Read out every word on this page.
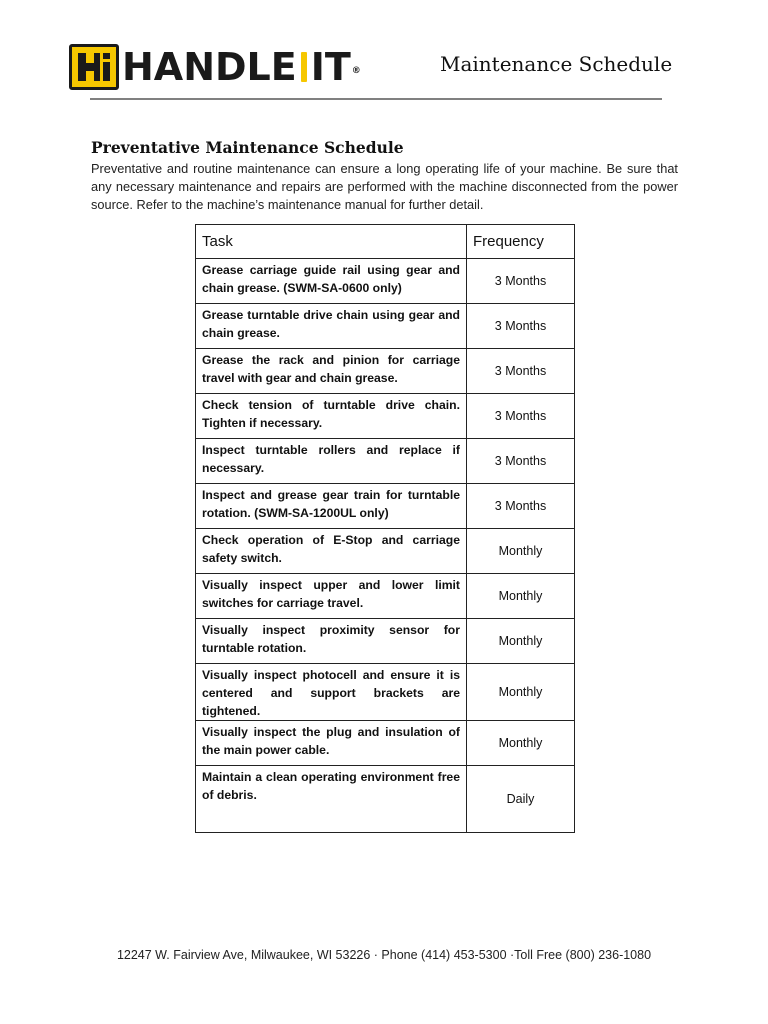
HANDLE IT ®	Maintenance Schedule
Preventative Maintenance Schedule
Preventative and routine maintenance can ensure a long operating life of your machine. Be sure that any necessary maintenance and repairs are performed with the machine disconnected from the power source. Refer to the machine’s maintenance manual for further detail.
Task	Frequency
Grease carriage guide rail using gear and chain grease. (SWM-SA-0600 only)	3 Months
Grease turntable drive chain using gear and chain grease.	3 Months
Grease the rack and pinion for carriage travel with gear and chain grease.	3 Months
Check tension of turntable drive chain. Tighten if necessary.	3 Months
Inspect turntable rollers and replace if necessary.	3 Months
Inspect and grease gear train for turntable rotation. (SWM-SA-1200UL only)	3 Months
Check operation of E-Stop and carriage safety switch.	Monthly
Visually inspect upper and lower limit switches for carriage travel.	Monthly
Visually inspect proximity sensor for turntable rotation.	Monthly
Visually inspect photocell and ensure it is centered and support brackets are tightened.	Monthly
Visually inspect the plug and insulation of the main power cable.	Monthly
Maintain a clean operating environment free of debris.	Daily
12247 W. Fairview Ave, Milwaukee, WI 53226 · Phone (414) 453-5300 ·Toll Free (800) 236-1080
